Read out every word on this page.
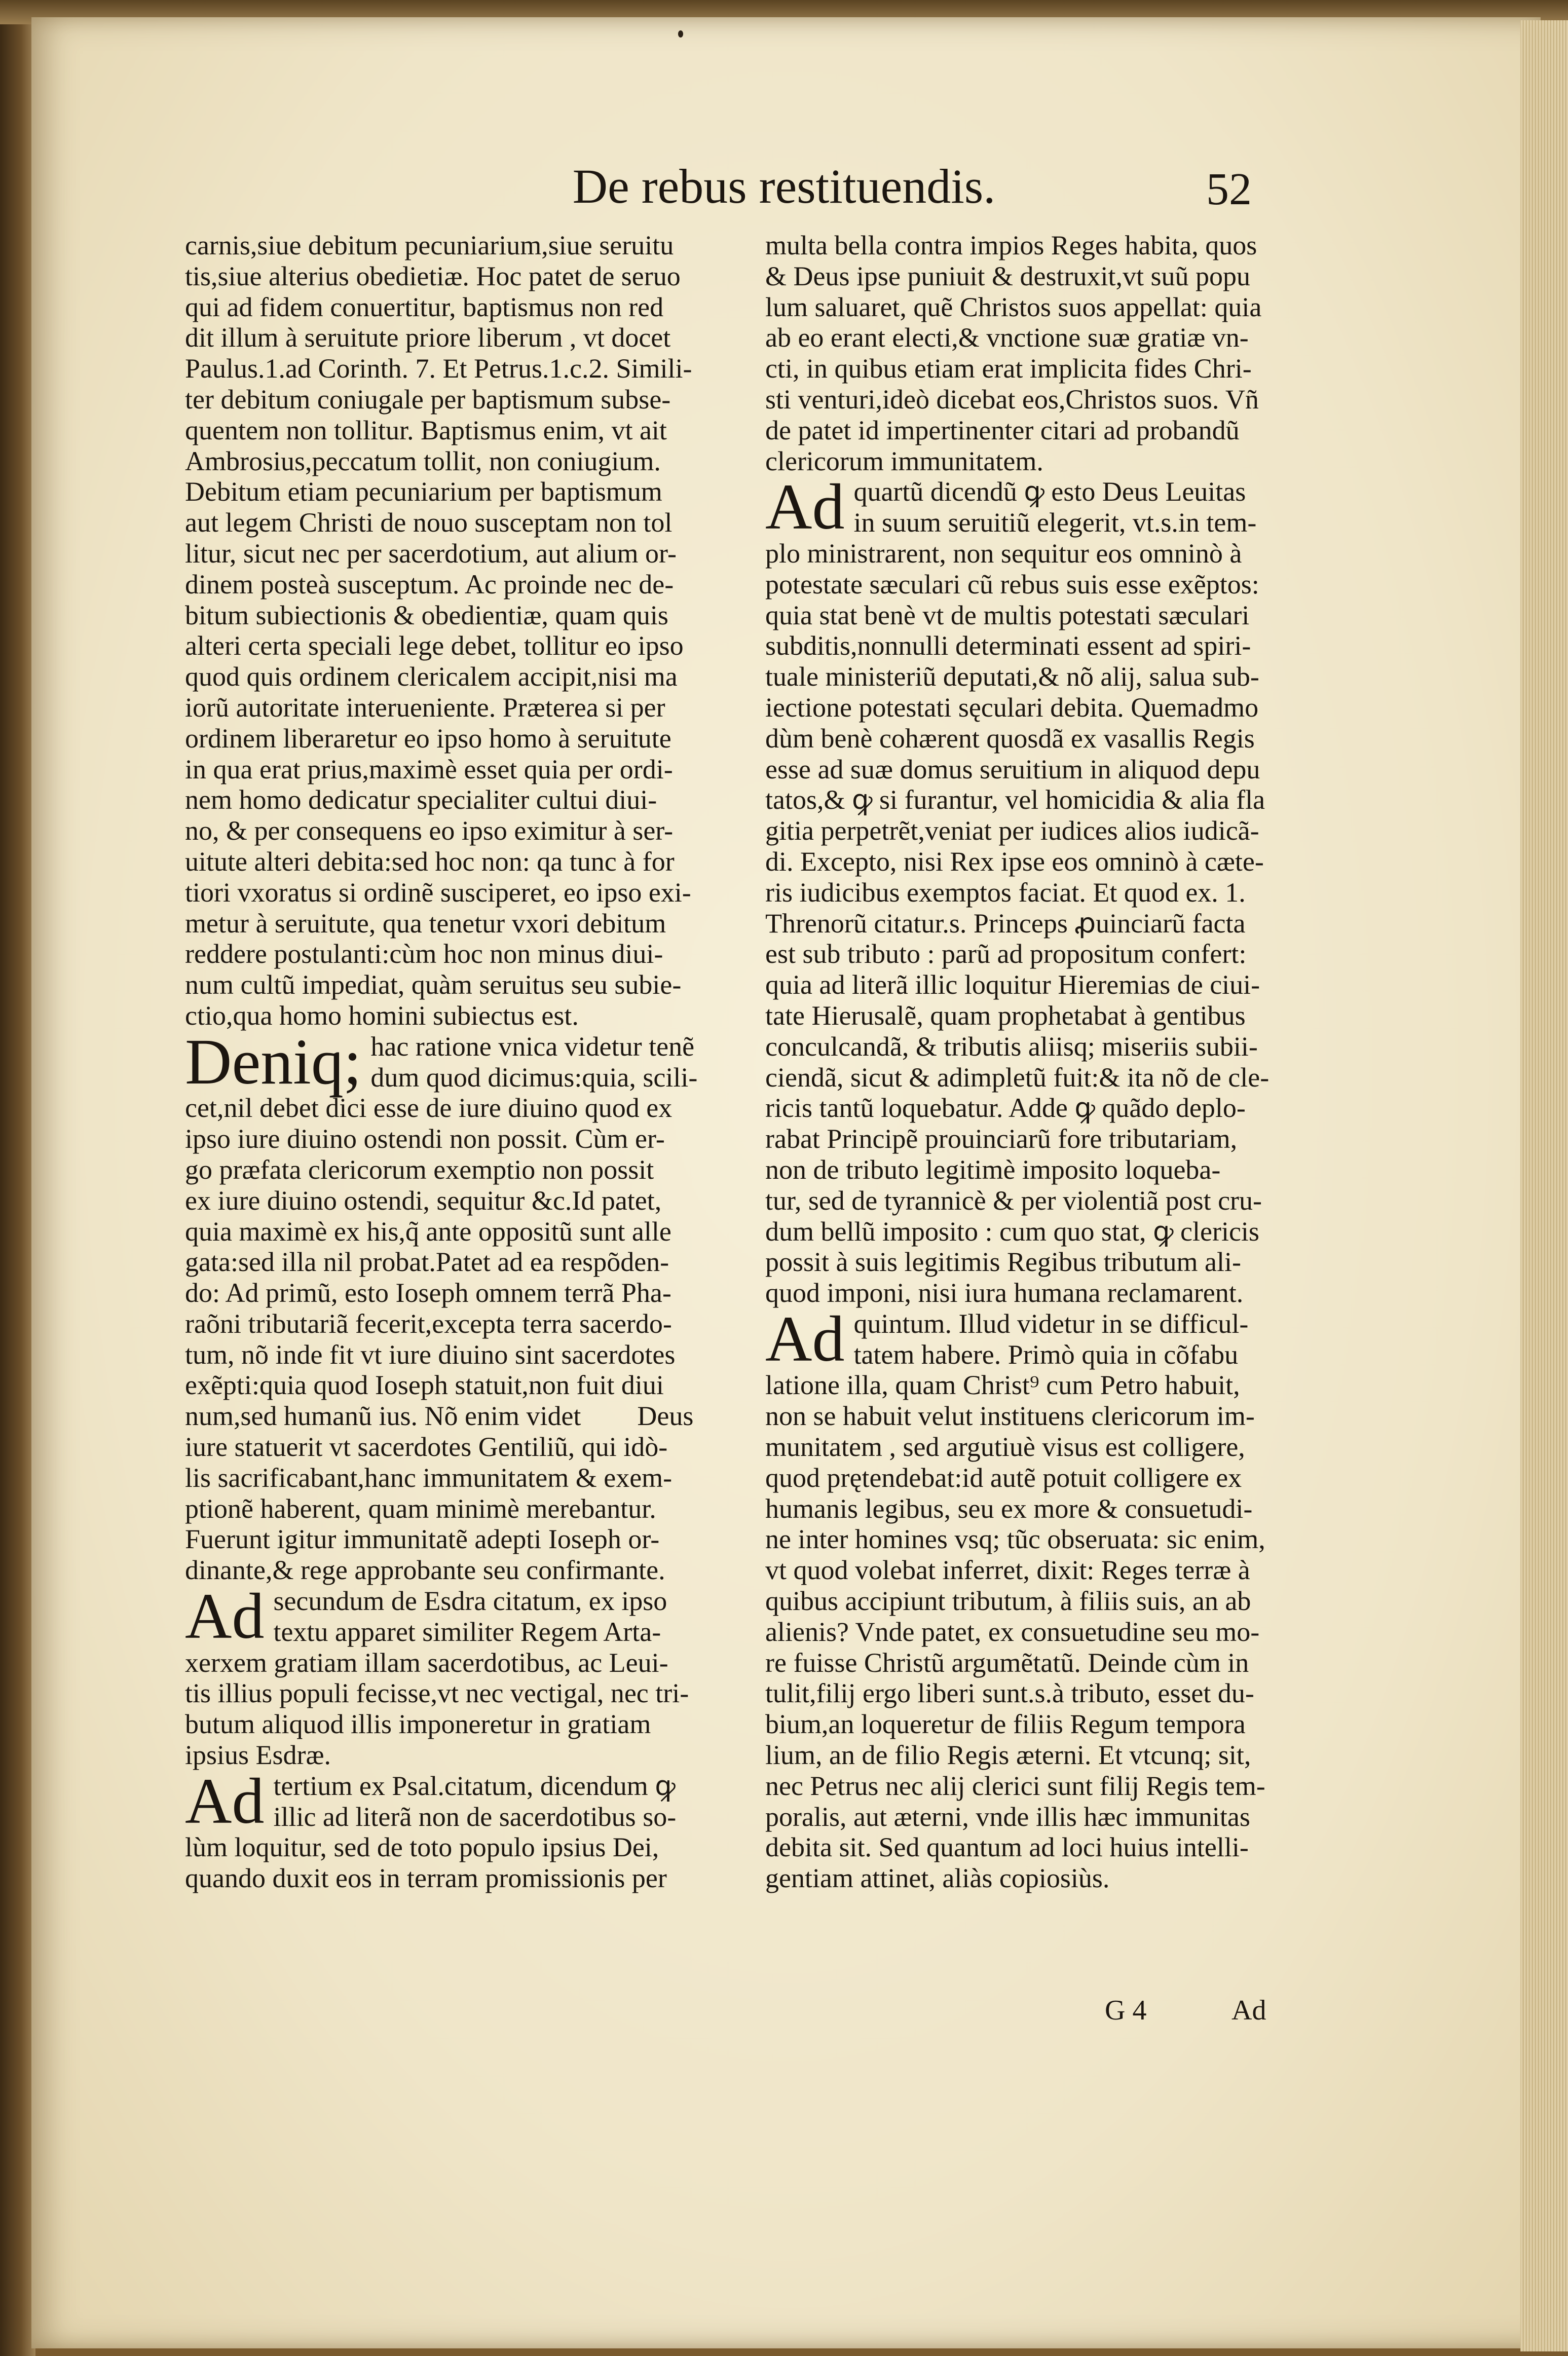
De rebus restituendis.	52
carnis,siue debitum pecuniarium,siue seruitu
tis,siue alterius obedietiæ. Hoc patet de seruo
qui ad fidem conuertitur, baptismus non red
dit illum à seruitute priore liberum , vt docet
Paulus.1.ad Corinth. 7. Et Petrus.1.c.2. Simili-
ter debitum coniugale per baptismum subse-
quentem non tollitur. Baptismus enim, vt ait
Ambrosius,peccatum tollit, non coniugium.
Debitum etiam pecuniarium per baptismum
aut legem Christi de nouo susceptam non tol
litur, sicut nec per sacerdotium, aut alium or-
dinem posteà susceptum. Ac proinde nec de-
bitum subiectionis & obedientiæ, quam quis
alteri certa speciali lege debet, tollitur eo ipso
quod quis ordinem clericalem accipit,nisi ma
iorũ autoritate interueniente. Præterea si per
ordinem liberaretur eo ipso homo à seruitute
in qua erat prius,maximè esset quia per ordi-
nem homo dedicatur specialiter cultui diui-
no, & per consequens eo ipso eximitur à ser-
uitute alteri debita:sed hoc non: qa tunc à for
tiori vxoratus si ordinẽ susciperet, eo ipso exi-
metur à seruitute, qua tenetur vxori debitum
reddere postulanti:cùm hoc non minus diui-
num cultũ impediat, quàm seruitus seu subie-
ctio,qua homo homini subiectus est.
Deniq; hac ratione vnica videtur tenẽ
dum quod dicimus:quia, scili-
cet,nil debet dici esse de iure diuino quod ex
ipso iure diuino ostendi non possit. Cùm er-
go præfata clericorum exemptio non possit
ex iure diuino ostendi, sequitur &c.Id patet,
quia maximè ex his,q̃ ante oppositũ sunt alle
gata:sed illa nil probat.Patet ad ea respõden-
do: Ad primũ, esto Ioseph omnem terrã Pha-
raõni tributariã fecerit,excepta terra sacerdo-
tum, nõ inde fit vt iure diuino sint sacerdotes
exẽpti:quia quod Ioseph statuit,non fuit diui
num,sed humanũ ius. Nõ enim videt᷑ ꝙ Deus
iure statuerit vt sacerdotes Gentiliũ, qui idò-
lis sacrificabant,hanc immunitatem & exem-
ptionẽ haberent, quam minimè merebantur.
Fuerunt igitur immunitatẽ adepti Ioseph or-
dinante,& rege approbante seu confirmante.
Ad secundum de Esdra citatum, ex ipso
textu apparet similiter Regem Arta-
xerxem gratiam illam sacerdotibus, ac Leui-
tis illius populi fecisse,vt nec vectigal, nec tri-
butum aliquod illis imponeretur in gratiam
ipsius Esdræ.
Ad tertium ex Psal.citatum, dicendum ꝙ
illic ad literã non de sacerdotibus so-
lùm loquitur, sed de toto populo ipsius Dei,
quando duxit eos in terram promissionis per
multa bella contra impios Reges habita, quos
& Deus ipse puniuit & destruxit,vt suũ popu
lum saluaret, quẽ Christos suos appellat: quia
ab eo erant electi,& vnctione suæ gratiæ vn-
cti, in quibus etiam erat implicita fides Chri-
sti venturi,ideò dicebat eos,Christos suos. Vñ
de patet id impertinenter citari ad probandũ
clericorum immunitatem.
Ad quartũ dicendũ ꝙ esto Deus Leuitas
in suum seruitiũ elegerit, vt.s.in tem-
plo ministrarent, non sequitur eos omninò à
potestate sæculari cũ rebus suis esse exẽptos:
quia stat benè vt de multis potestati sæculari
subditis,nonnulli determinati essent ad spiri-
tuale ministeriũ deputati,& nõ alij, salua sub-
iectione potestati sęculari debita. Quemadmo
dùm benè cohærent quosdã ex vasallis Regis
esse ad suæ domus seruitium in aliquod depu
tatos,& ꝙ si furantur, vel homicidia & alia fla
gitia perpetrẽt,veniat per iudices alios iudicã-
di. Excepto, nisi Rex ipse eos omninò à cæte-
ris iudicibus exemptos faciat. Et quod ex. 1.
Threnorũ citatur.s. Princeps ꝓuinciarũ facta
est sub tributo : parũ ad propositum confert:
quia ad literã illic loquitur Hieremias de ciui-
tate Hierusalẽ, quam prophetabat à gentibus
conculcandã, & tributis aliisq; miseriis subii-
ciendã, sicut & adimpletũ fuit:& ita nõ de cle-
ricis tantũ loquebatur. Adde ꝙ quãdo deplo-
rabat Principẽ prouinciarũ fore tributariam,
non de tributo legitimè imposito loqueba-
tur, sed de tyrannicè & per violentiã post cru-
dum bellũ imposito : cum quo stat, ꝙ clericis
possit à suis legitimis Regibus tributum ali-
quod imponi, nisi iura humana reclamarent.
Ad quintum. Illud videtur in se difficul-
tatem habere. Primò quia in cõfabu
latione illa, quam Christ⁹ cum Petro habuit,
non se habuit velut instituens clericorum im-
munitatem , sed argutiuè visus est colligere,
quod prętendebat:id autẽ potuit colligere ex
humanis legibus, seu ex more & consuetudi-
ne inter homines vsq; tũc obseruata: sic enim,
vt quod volebat inferret, dixit: Reges terræ à
quibus accipiunt tributum, à filiis suis, an ab
alienis? Vnde patet, ex consuetudine seu mo-
re fuisse Christũ argumẽtatũ. Deinde cùm in
tulit,filij ergo liberi sunt.s.à tributo, esset du-
bium,an loqueretur de filiis Regum tempora
lium, an de filio Regis æterni. Et vtcunq; sit,
nec Petrus nec alij clerici sunt filij Regis tem-
poralis, aut æterni, vnde illis hæc immunitas
debita sit. Sed quantum ad loci huius intelli-
gentiam attinet, aliàs copiosiùs.
G 4	Ad
